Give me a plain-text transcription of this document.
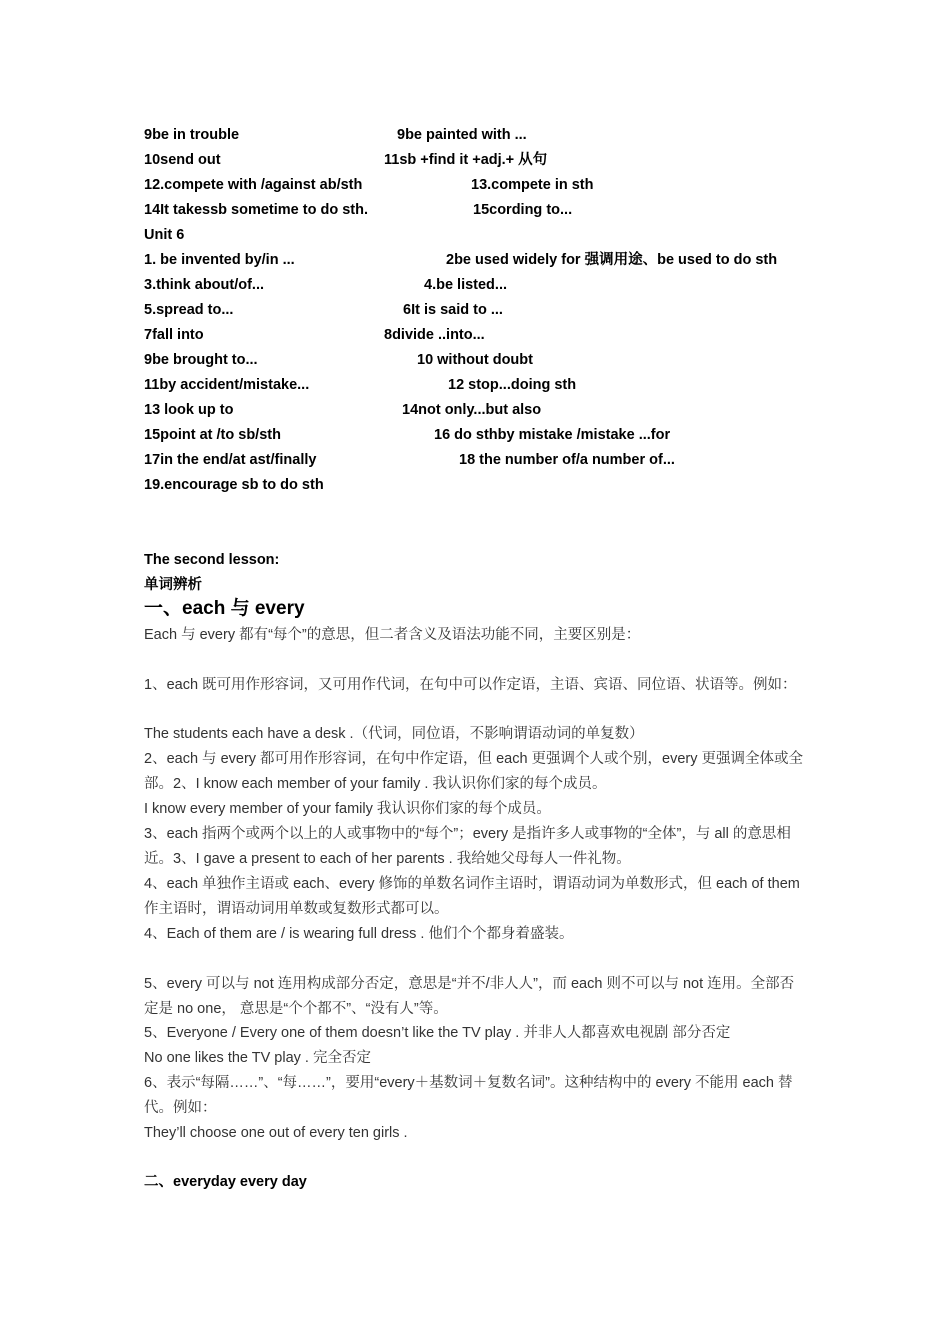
9be in trouble	9be painted with ...
10send out	11sb +find it +adj.+ 从句
12.compete with /against ab/sth	13.compete in sth
14It takessb sometime to do sth.	15cording to...
Unit 6
1. be invented by/in ...	2be used widely for 强调用途、be used to do sth
3.think about/of...	4.be listed...
5.spread to...	6It is said to ...
7fall into	8divide ..into...
9be brought to...	10 without doubt
11by accident/mistake...	12 stop...doing sth
13 look up to	14not only...but also
15point at /to sb/sth	16 do sthby mistake /mistake ...for
17in the end/at ast/finally	18 the number of/a number of...
19.encourage sb to do sth
The second lesson:
单词辨析
一、each 与 every
Each 与 every 都有“每个”的意思，但二者含义及语法功能不同，主要区别是：
1、each 既可用作形容词，又可用作代词，在句中可以作定语，主语、宾语、同位语、状语等。例如：
The students each have a desk .（代词，同位语，不影响谓语动词的单复数）
2、each 与 every 都可用作形容词，在句中作定语，但 each 更强调个人或个别，every 更强调全体或全部。2、I know each member of your family . 我认识你们家的每个成员。
I know every member of your family 我认识你们家的每个成员。
3、each 指两个或两个以上的人或事物中的“每个”；every 是指许多人或事物的“全体”，与 all 的意思相近。3、I gave a present to each of her parents . 我给她父母每人一件礼物。
4、each 单独作主语或 each、every 修饰的单数名词作主语时，谓语动词为单数形式，但 each of them 作主语时，谓语动词用单数或复数形式都可以。
4、Each of them are / is wearing full dress . 他们个个都身着盛装。
5、every 可以与 not 连用构成部分否定，意思是“并不/非人人”，而 each 则不可以与 not 连用。全部否定是 no one， 意思是“个个都不”、“没有人”等。
5、Everyone / Every one of them doesn’t like the TV play . 并非人人都喜欢电视剧 部分否定
No one likes the TV play . 完全否定
6、表示“每隔……”、“每……”，要用“every＋基数词＋复数名词”。这种结构中的 every 不能用 each 替代。例如：
They’ll choose one out of every ten girls .
二、everyday every day
